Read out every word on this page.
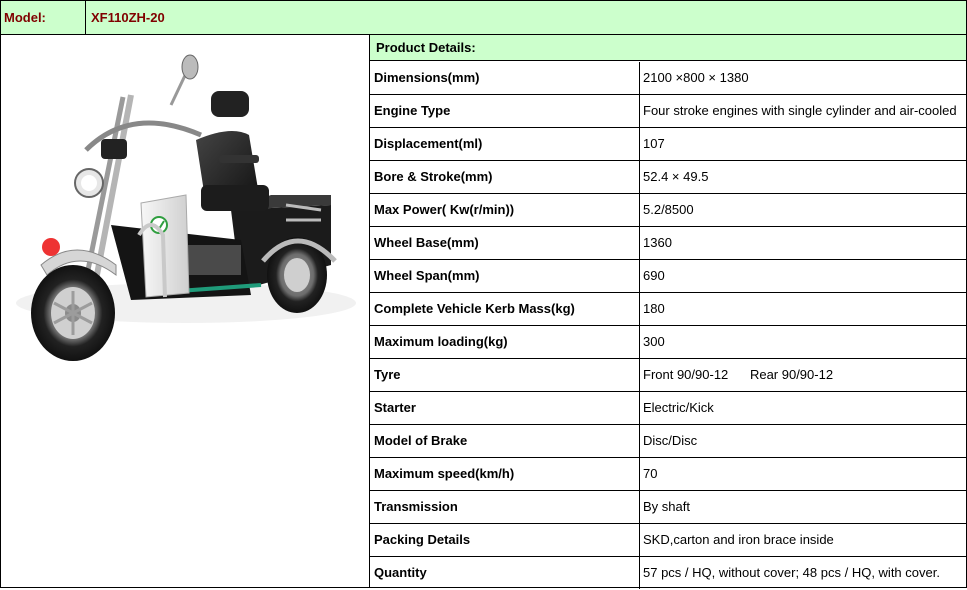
Model:	XF110ZH-20
Product Details:
Dimensions(mm)	2100 ×800 × 1380
Engine Type	Four stroke engines with single cylinder and air-cooled
Displacement(ml)	107
Bore & Stroke(mm)	52.4 × 49.5
Max Power( Kw(r/min))	5.2/8500
Wheel Base(mm)	1360
Wheel Span(mm)	690
Complete Vehicle Kerb Mass(kg)	180
Maximum loading(kg)	300
Tyre	Front 90/90-12      Rear 90/90-12
Starter	Electric/Kick
Model of Brake	Disc/Disc
Maximum speed(km/h)	70
Transmission	By shaft
Packing Details	SKD,carton and iron brace inside
Quantity	57 pcs / HQ, without cover; 48 pcs / HQ, with cover.
